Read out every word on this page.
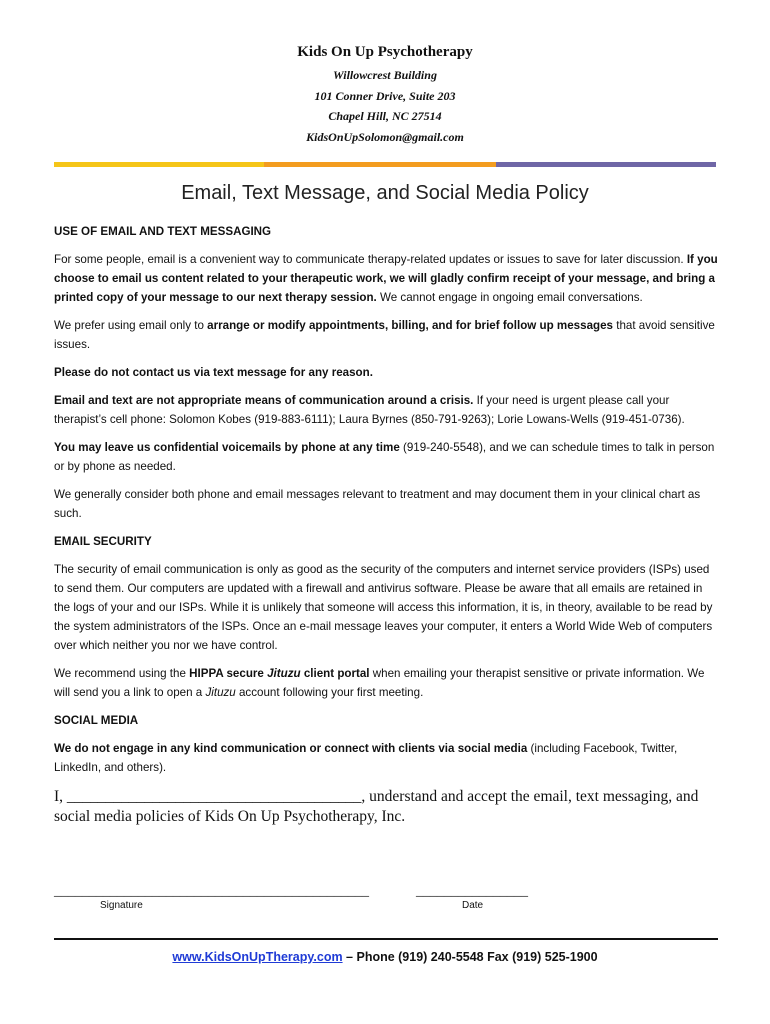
Kids On Up Psychotherapy
Willowcrest Building
101 Conner Drive, Suite 203
Chapel Hill, NC 27514
KidsOnUpSolomon@gmail.com
Email, Text Message, and Social Media Policy
USE OF EMAIL AND TEXT MESSAGING

For some people, email is a convenient way to communicate therapy-related updates or issues to save for later discussion. If you choose to email us content related to your therapeutic work, we will gladly confirm receipt of your message, and bring a printed copy of your message to our next therapy session. We cannot engage in ongoing email conversations.

We prefer using email only to arrange or modify appointments, billing, and for brief follow up messages that avoid sensitive issues.

Please do not contact us via text message for any reason.

Email and text are not appropriate means of communication around a crisis. If your need is urgent please call your therapist’s cell phone: Solomon Kobes (919-883-6111); Laura Byrnes (850-791-9263); Lorie Lowans-Wells (919-451-0736).

You may leave us confidential voicemails by phone at any time (919-240-5548), and we can schedule times to talk in person or by phone as needed.

We generally consider both phone and email messages relevant to treatment and may document them in your clinical chart as such.

EMAIL SECURITY

The security of email communication is only as good as the security of the computers and internet service providers (ISPs) used to send them. Our computers are updated with a firewall and antivirus software. Please be aware that all emails are retained in the logs of your and our ISPs. While it is unlikely that someone will access this information, it is, in theory, available to be read by the system administrators of the ISPs. Once an e-mail message leaves your computer, it enters a World Wide Web of computers over which neither you nor we have control.

We recommend using the HIPPA secure Jituzu client portal when emailing your therapist sensitive or private information. We will send you a link to open a Jituzu account following your first meeting.

SOCIAL MEDIA

We do not engage in any kind communication or connect with clients via social media (including Facebook, Twitter, LinkedIn, and others).

I, ______________________________________, understand and accept the email, text messaging, and social media policies of Kids On Up Psychotherapy, Inc.
_____________________________________________	________________
Signature	Date
www.KidsOnUpTherapy.com – Phone (919) 240-5548 Fax (919) 525-1900
